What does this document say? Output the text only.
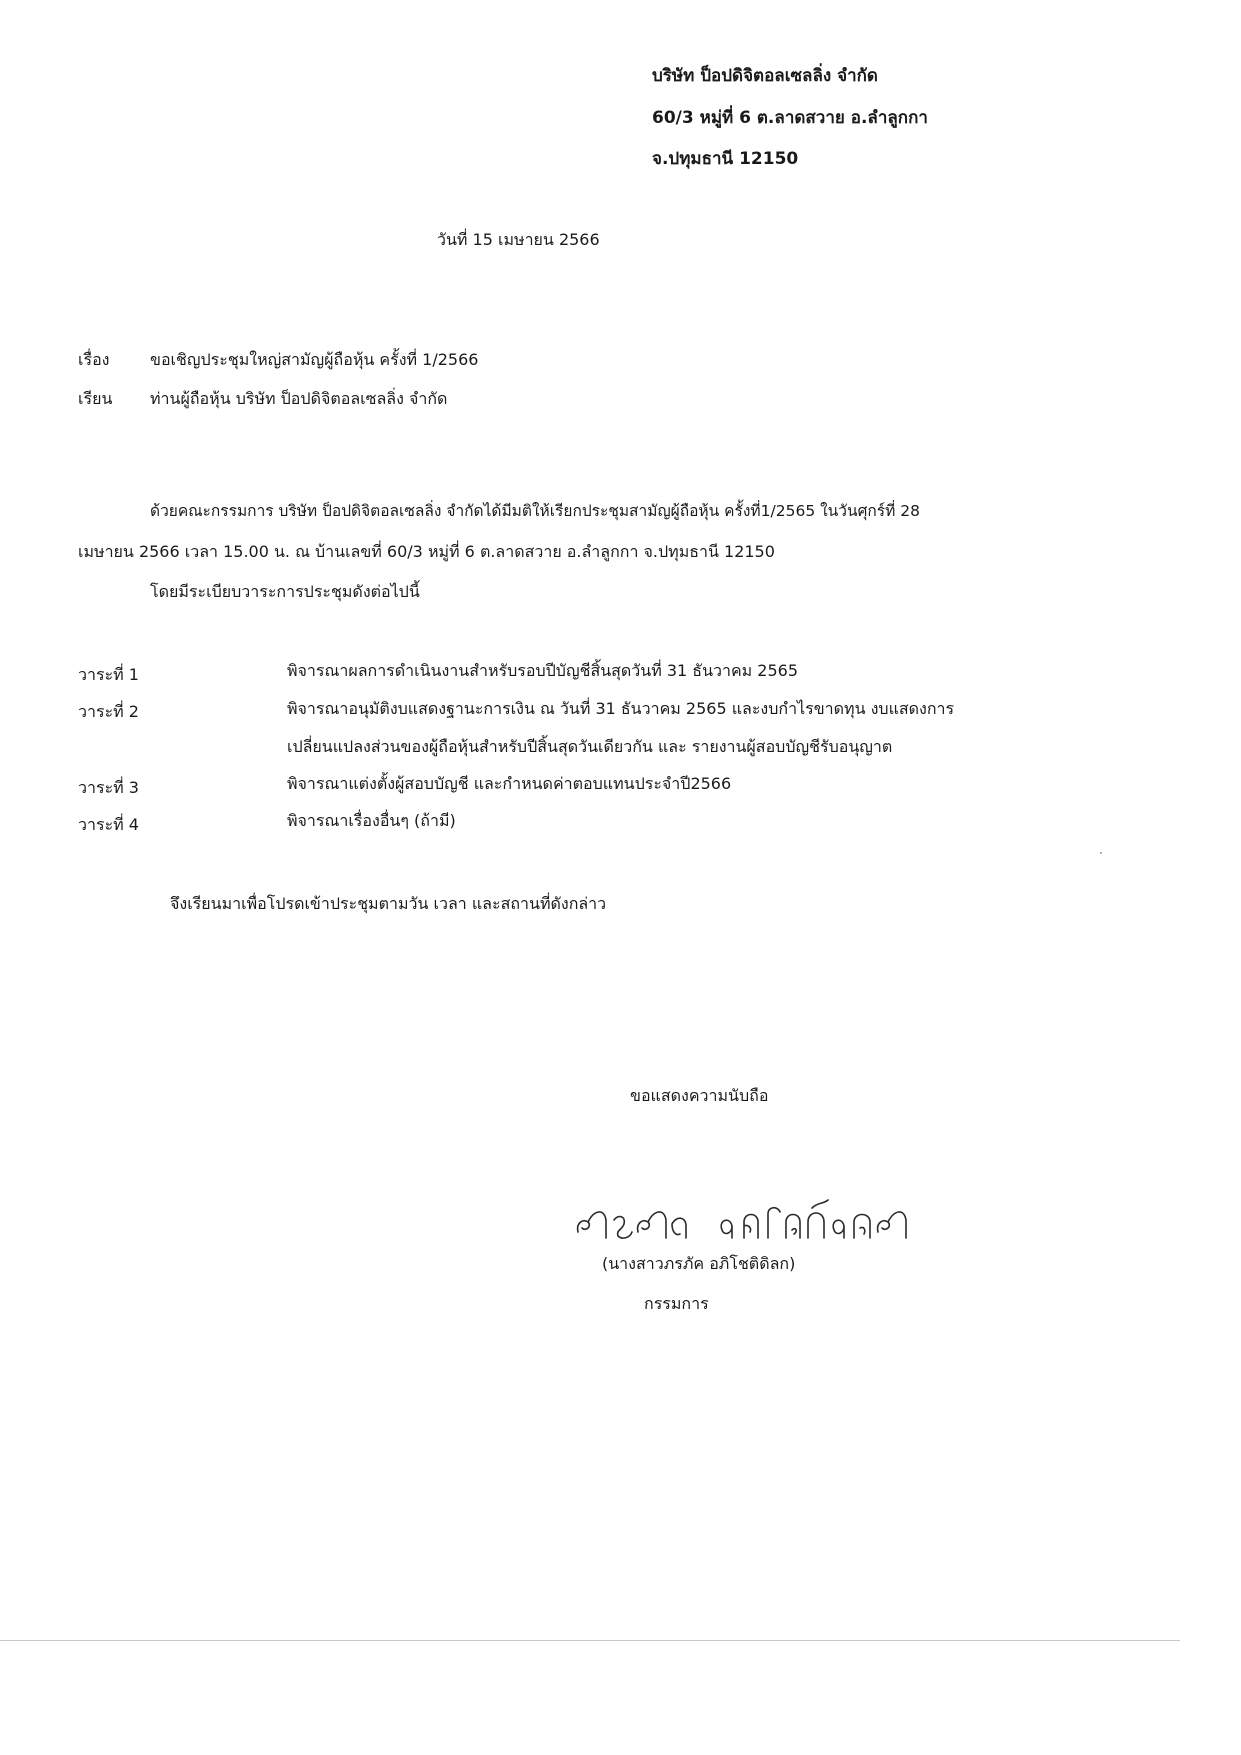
บริษัท ป็อปดิจิตอลเซลลิ่ง จำกัด
60/3 หมู่ที่ 6 ต.ลาดสวาย อ.ลำลูกกา
จ.ปทุมธานี 12150
วันที่ 15 เมษายน 2566
เรื่อง	ขอเชิญประชุมใหญ่สามัญผู้ถือหุ้น ครั้งที่ 1/2566
เรียน ท่านผู้ถือหุ้น บริษัท ป็อปดิจิตอลเซลลิ่ง จำกัด
ด้วยคณะกรรมการ บริษัท ป็อปดิจิตอลเซลลิ่ง จำกัดได้มีมติให้เรียกประชุมสามัญผู้ถือหุ้น ครั้งที่1/2565 ในวันศุกร์ที่ 28
เมษายน 2566 เวลา 15.00 น. ณ บ้านเลขที่ 60/3 หมู่ที่ 6 ต.ลาดสวาย อ.ลำลูกกา จ.ปทุมธานี 12150
โดยมีระเบียบวาระการประชุมดังต่อไปนี้
วาระที่ 1	พิจารณาผลการดำเนินงานสำหรับรอบปีบัญชีสิ้นสุดวันที่ 31 ธันวาคม 2565
วาระที่ 2	พิจารณาอนุมัติงบแสดงฐานะการเงิน ณ วันที่ 31 ธันวาคม 2565 และงบกำไรขาดทุน งบแสดงการ
เปลี่ยนแปลงส่วนของผู้ถือหุ้นสำหรับปีสิ้นสุดวันเดียวกัน และ รายงานผู้สอบบัญชีรับอนุญาต
วาระที่ 3	พิจารณาแต่งตั้งผู้สอบบัญชี และกำหนดค่าตอบแทนประจำปี2566
วาระที่ 4	พิจารณาเรื่องอื่นๆ (ถ้ามี)
จึงเรียนมาเพื่อโปรดเข้าประชุมตามวัน เวลา และสถานที่ดังกล่าว
ขอแสดงความนับถือ
(นางสาวภรภัค อภิโชติดิลก)
กรรมการ
